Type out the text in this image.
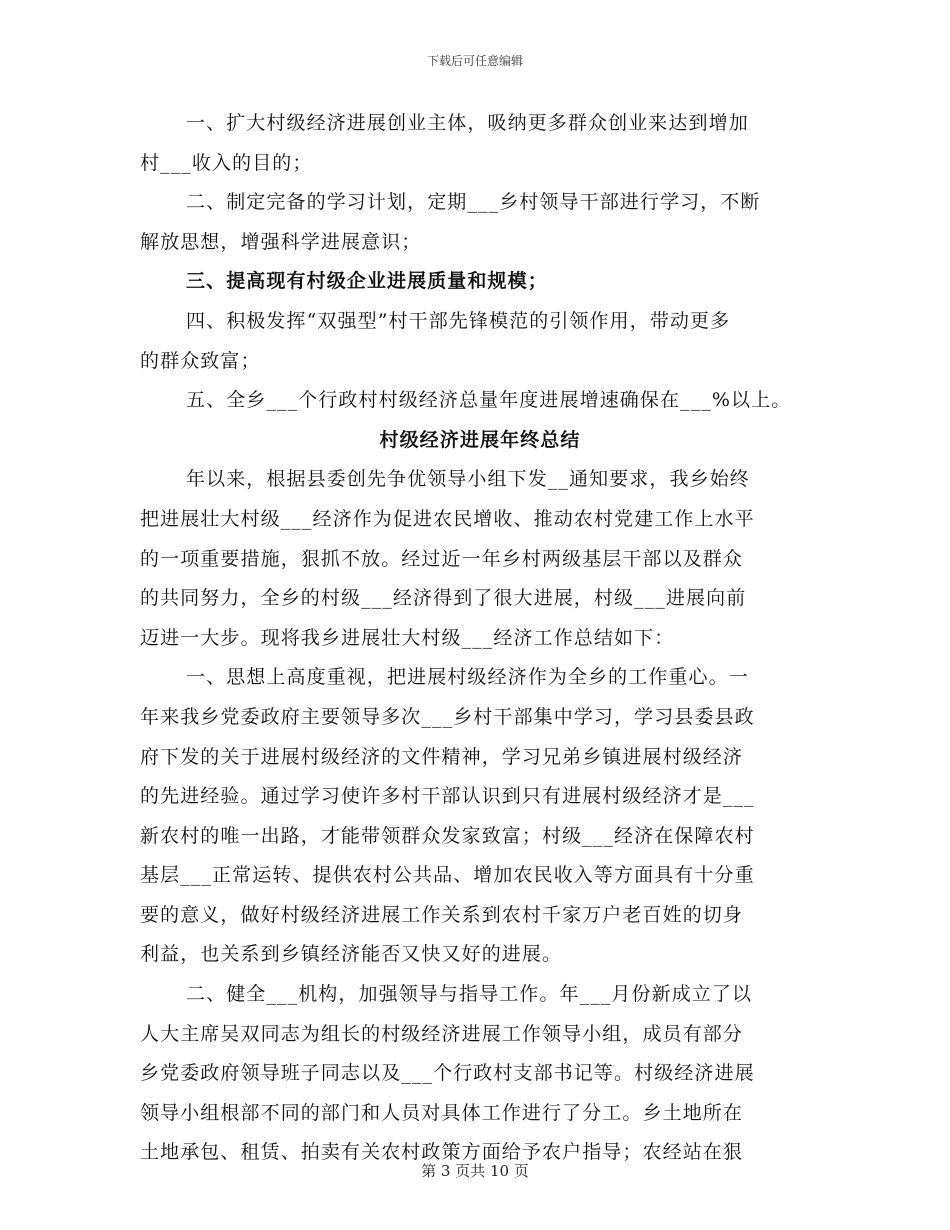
下载后可任意编辑
一、扩大村级经济进展创业主体，吸纳更多群众创业来达到增加
村___收入的目的；
二、制定完备的学习计划，定期___乡村领导干部进行学习，不断
解放思想，增强科学进展意识；
三、提高现有村级企业进展质量和规模；
四、积极发挥“双强型”村干部先锋模范的引领作用，带动更多
的群众致富；
五、全乡___个行政村村级经济总量年度进展增速确保在___%以上。
村级经济进展年终总结
年以来，根据县委创先争优领导小组下发__通知要求，我乡始终
把进展壮大村级___经济作为促进农民增收、推动农村党建工作上水平
的一项重要措施，狠抓不放。经过近一年乡村两级基层干部以及群众
的共同努力，全乡的村级___经济得到了很大进展，村级___进展向前
迈进一大步。现将我乡进展壮大村级___经济工作总结如下：
一、思想上高度重视，把进展村级经济作为全乡的工作重心。一
年来我乡党委政府主要领导多次___乡村干部集中学习，学习县委县政
府下发的关于进展村级经济的文件精神，学习兄弟乡镇进展村级经济
的先进经验。通过学习使许多村干部认识到只有进展村级经济才是___
新农村的唯一出路，才能带领群众发家致富；村级___经济在保障农村
基层___正常运转、提供农村公共品、增加农民收入等方面具有十分重
要的意义，做好村级经济进展工作关系到农村千家万户老百姓的切身
利益，也关系到乡镇经济能否又快又好的进展。
二、健全___机构，加强领导与指导工作。年___月份新成立了以
人大主席吴双同志为组长的村级经济进展工作领导小组，成员有部分
乡党委政府领导班子同志以及___个行政村支部书记等。村级经济进展
领导小组根部不同的部门和人员对具体工作进行了分工。乡土地所在
土地承包、租赁、拍卖有关农村政策方面给予农户指导；农经站在狠
第 3 页共 10 页
